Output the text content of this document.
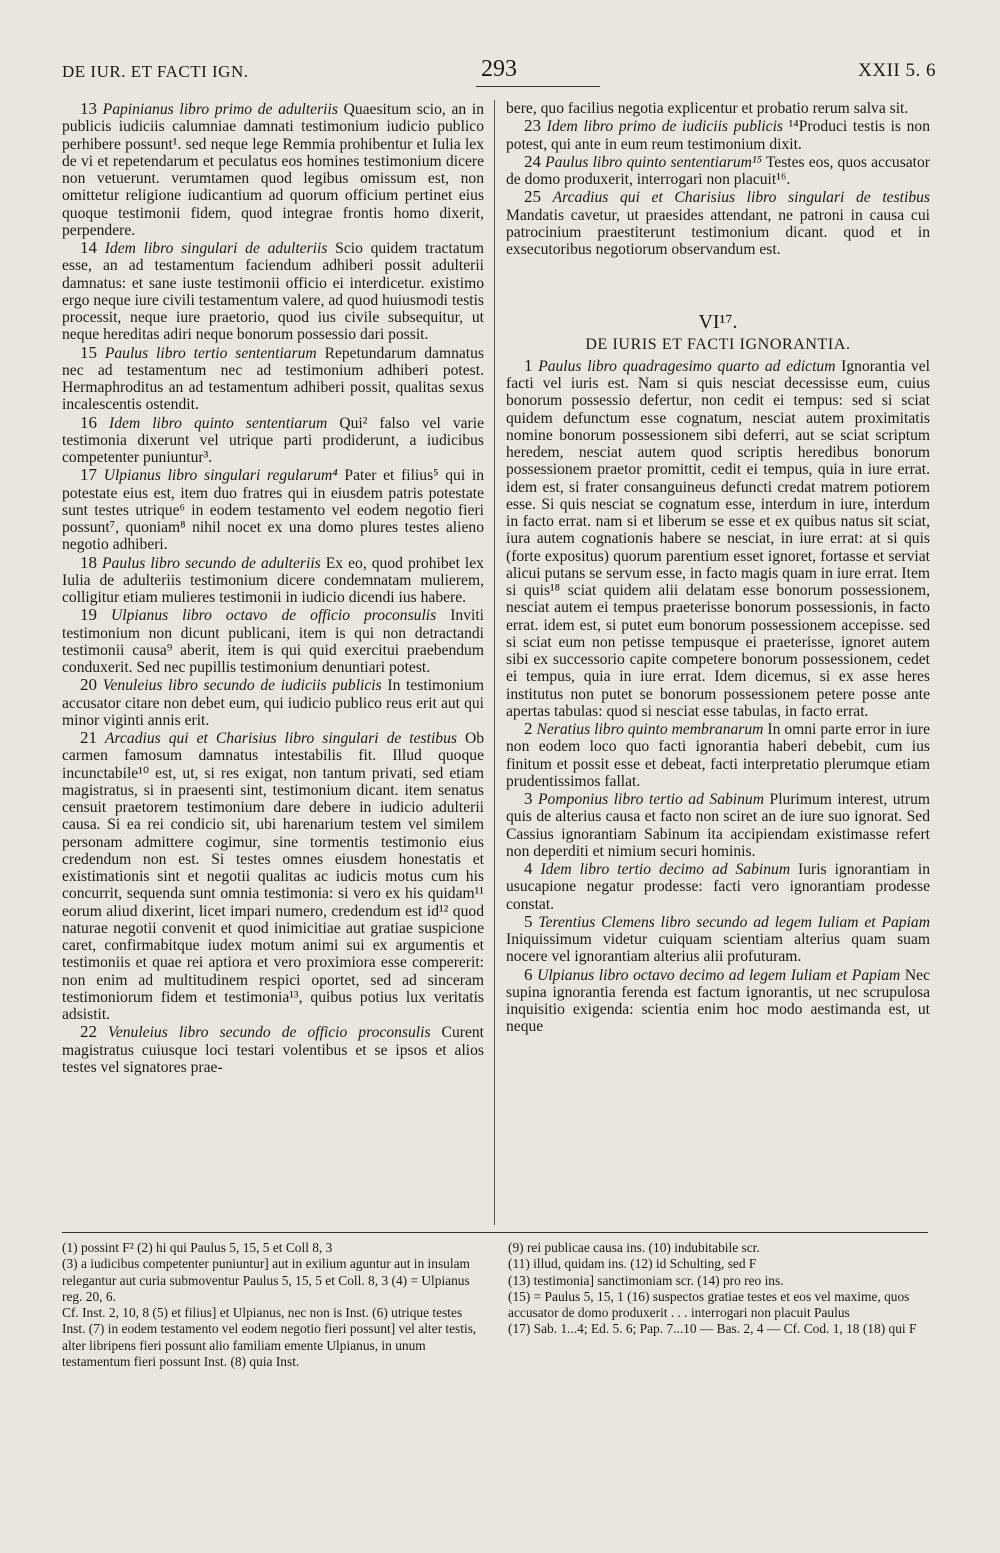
DE IUR. ET FACTI IGN.	293	XXII 5. 6

13 Papinianus libro primo de adulteriis Quaesitum scio, an in publicis iudiciis calumniae damnati testimonium iudicio publico perhibere possunt¹. sed neque lege Remmia prohibentur et Iulia lex de vi et repetendarum et peculatus eos homines testimonium dicere non vetuerunt. verumtamen quod legibus omissum est, non omittetur religione iudicantium ad quorum officium pertinet eius quoque testimonii fidem, quod integrae frontis homo dixerit, perpendere.

14 Idem libro singulari de adulteriis Scio quidem tractatum esse, an ad testamentum faciendum adhiberi possit adulterii damnatus: et sane iuste testimonii officio ei interdicetur. existimo ergo neque iure civili testamentum valere, ad quod huiusmodi testis processit, neque iure praetorio, quod ius civile subsequitur, ut neque hereditas adiri neque bonorum possessio dari possit.

15 Paulus libro tertio sententiarum Repetundarum damnatus nec ad testamentum nec ad testimonium adhiberi potest. Hermaphroditus an ad testamentum adhiberi possit, qualitas sexus incalescentis ostendit.

16 Idem libro quinto sententiarum Qui² falso vel varie testimonia dixerunt vel utrique parti prodiderunt, a iudicibus competenter puniuntur³.

17 Ulpianus libro singulari regularum⁴ Pater et filius⁵ qui in potestate eius est, item duo fratres qui in eiusdem patris potestate sunt testes utrique⁶ in eodem testamento vel eodem negotio fieri possunt⁷, quoniam⁸ nihil nocet ex una domo plures testes alieno negotio adhiberi.

18 Paulus libro secundo de adulteriis Ex eo, quod prohibet lex Iulia de adulteriis testimonium dicere condemnatam mulierem, colligitur etiam mulieres testimonii in iudicio dicendi ius habere.

19 Ulpianus libro octavo de officio proconsulis Inviti testimonium non dicunt publicani, item is qui non detractandi testimonii causa⁹ aberit, item is qui quid exercitui praebendum conduxerit. Sed nec pupillis testimonium denuntiari potest.

20 Venuleius libro secundo de iudiciis publicis In testimonium accusator citare non debet eum, qui iudicio publico reus erit aut qui minor viginti annis erit.

21 Arcadius qui et Charisius libro singulari de testibus Ob carmen famosum damnatus intestabilis fit. Illud quoque incunctabile¹⁰ est, ut, si res exigat, non tantum privati, sed etiam magistratus, si in praesenti sint, testimonium dicant. item senatus censuit praetorem testimonium dare debere in iudicio adulterii causa. Si ea rei condicio sit, ubi harenarium testem vel similem personam admittere cogimur, sine tormentis testimonio eius credendum non est. Si testes omnes eiusdem honestatis et existimationis sint et negotii qualitas ac iudicis motus cum his concurrit, sequenda sunt omnia testimonia: si vero ex his quidam¹¹ eorum aliud dixerint, licet impari numero, credendum est id¹² quod naturae negotii convenit et quod inimicitiae aut gratiae suspicione caret, confirmabitque iudex motum animi sui ex argumentis et testimoniis et quae rei aptiora et vero proximiora esse compererit: non enim ad multitudinem respici oportet, sed ad sinceram testimoniorum fidem et testimonia¹³, quibus potius lux veritatis adsistit.

22 Venuleius libro secundo de officio proconsulis Curent magistratus cuiusque loci testari volentibus et se ipsos et alios testes vel signatores prae-

bere, quo facilius negotia explicentur et probatio rerum salva sit.

23 Idem libro primo de iudiciis publicis ¹⁴Produci testis is non potest, qui ante in eum reum testimonium dixit.

24 Paulus libro quinto sententiarum¹⁵ Testes eos, quos accusator de domo produxerit, interrogari non placuit¹⁶.

25 Arcadius qui et Charisius libro singulari de testibus Mandatis cavetur, ut praesides attendant, ne patroni in causa cui patrocinium praestiterunt testimonium dicant. quod et in exsecutoribus negotiorum observandum est.

VI¹⁷.
DE IURIS ET FACTI IGNORANTIA.

1 Paulus libro quadragesimo quarto ad edictum Ignorantia vel facti vel iuris est. Nam si quis nesciat decessisse eum, cuius bonorum possessio defertur, non cedit ei tempus: sed si sciat quidem defunctum esse cognatum, nesciat autem proximitatis nomine bonorum possessionem sibi deferri, aut se sciat scriptum heredem, nesciat autem quod scriptis heredibus bonorum possessionem praetor promittit, cedit ei tempus, quia in iure errat. idem est, si frater consanguineus defuncti credat matrem potiorem esse. Si quis nesciat se cognatum esse, interdum in iure, interdum in facto errat. nam si et liberum se esse et ex quibus natus sit sciat, iura autem cognationis habere se nesciat, in iure errat: at si quis (forte expositus) quorum parentium esset ignoret, fortasse et serviat alicui putans se servum esse, in facto magis quam in iure errat. Item si quis¹⁸ sciat quidem alii delatam esse bonorum possessionem, nesciat autem ei tempus praeterisse bonorum possessionis, in facto errat. idem est, si putet eum bonorum possessionem accepisse. sed si sciat eum non petisse tempusque ei praeterisse, ignoret autem sibi ex successorio capite competere bonorum possessionem, cedet ei tempus, quia in iure errat. Idem dicemus, si ex asse heres institutus non putet se bonorum possessionem petere posse ante apertas tabulas: quod si nesciat esse tabulas, in facto errat.

2 Neratius libro quinto membranarum In omni parte error in iure non eodem loco quo facti ignorantia haberi debebit, cum ius finitum et possit esse et debeat, facti interpretatio plerumque etiam prudentissimos fallat.

3 Pomponius libro tertio ad Sabinum Plurimum interest, utrum quis de alterius causa et facto non sciret an de iure suo ignorat. Sed Cassius ignorantiam Sabinum ita accipiendam existimasse refert non deperditi et nimium securi hominis.

4 Idem libro tertio decimo ad Sabinum Iuris ignorantiam in usucapione negatur prodesse: facti vero ignorantiam prodesse constat.

5 Terentius Clemens libro secundo ad legem Iuliam et Papiam Iniquissimum videtur cuiquam scientiam alterius quam suam nocere vel ignorantiam alterius alii profuturam.

6 Ulpianus libro octavo decimo ad legem Iuliam et Papiam Nec supina ignorantia ferenda est factum ignorantis, ut nec scrupulosa inquisitio exigenda: scientia enim hoc modo aestimanda est, ut neque

(1) possint F² (2) hi qui Paulus 5, 15, 5 et Coll 8, 3
(3) a iudicibus competenter puniuntur] aut in exilium aguntur aut in insulam relegantur aut curia submoventur Paulus 5, 15, 5 et Coll. 8, 3 (4) = Ulpianus reg. 20, 6.
Cf. Inst. 2, 10, 8 (5) et filius] et Ulpianus, nec non is Inst. (6) utrique testes Inst. (7) in eodem testamento vel eodem negotio fieri possunt] vel alter testis, alter libripens fieri possunt alio familiam emente Ulpianus, in unum testamentum fieri possunt Inst. (8) quia Inst.
(9) rei publicae causa ins. (10) indubitabile scr.
(11) illud, quidam ins. (12) id Schulting, sed F
(13) testimonia] sanctimoniam scr. (14) pro reo ins.
(15) = Paulus 5, 15, 1 (16) suspectos gratiae testes et eos vel maxime, quos accusator de domo produxerit . . . interrogari non placuit Paulus
(17) Sab. 1...4; Ed. 5. 6; Pap. 7...10 — Bas. 2, 4 — Cf. Cod. 1, 18 (18) qui F
